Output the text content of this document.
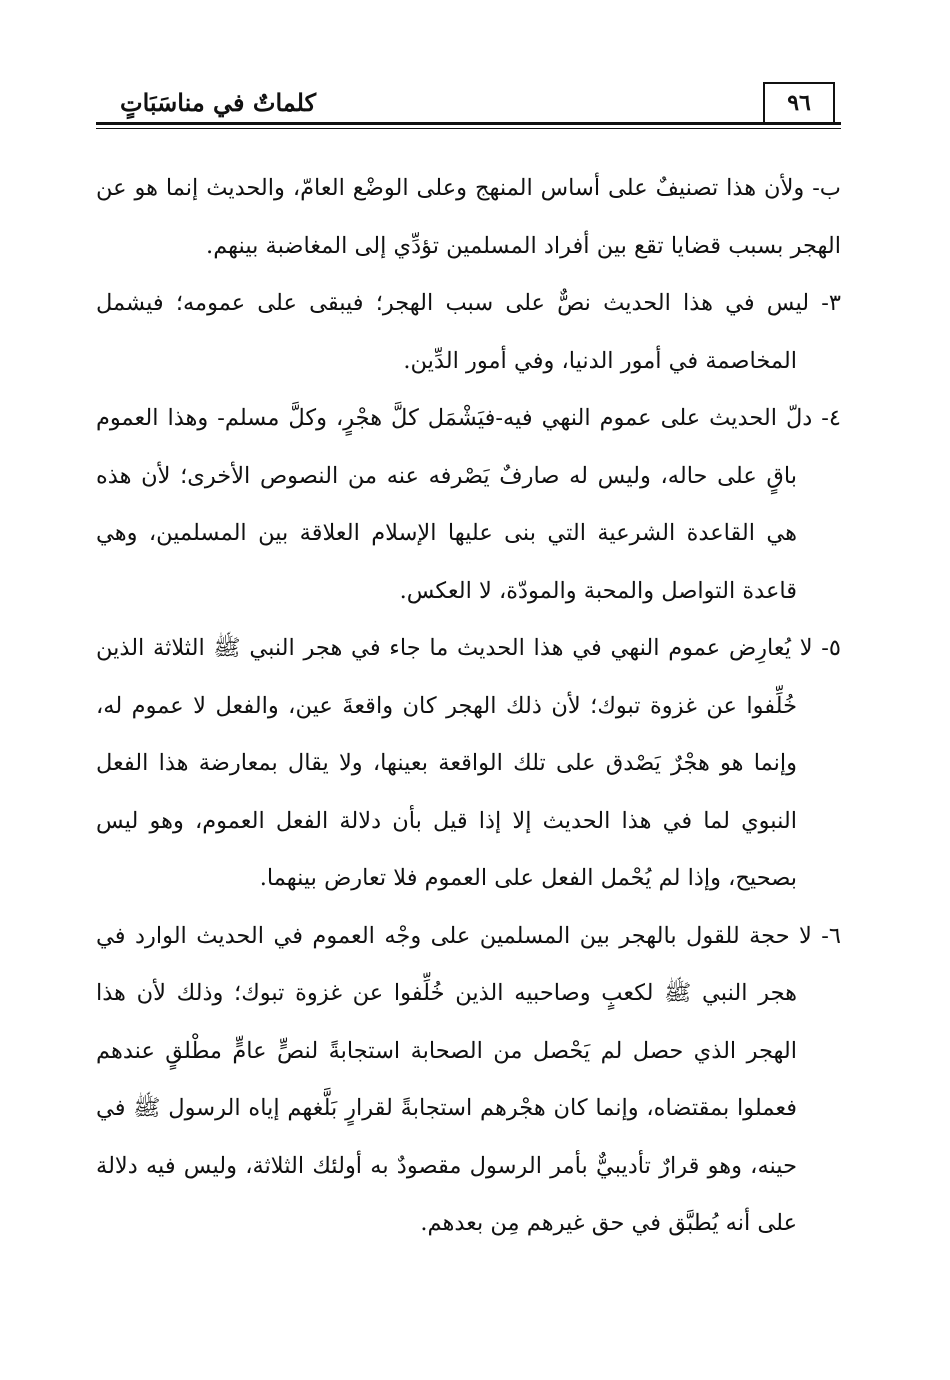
كلماتٌ في مناسَبَاتٍ	٩٦

ب- ولأن هذا تصنيفٌ على أساس المنهج وعلى الوضْع العامّ، والحديث إنما هو عن الهجر بسبب قضايا تقع بين أفراد المسلمين تؤدِّي إلى المغاضبة بينهم.

٣- ليس في هذا الحديث نصٌّ على سبب الهجر؛ فيبقى على عمومه؛ فيشمل المخاصمة في أمور الدنيا، وفي أمور الدِّين.

٤- دلّ الحديث على عموم النهي فيه-فيَشْمَل كلَّ هجْرٍ، وكلَّ مسلم- وهذا العموم باقٍ على حاله، وليس له صارفٌ يَصْرفه عنه من النصوص الأخرى؛ لأن هذه هي القاعدة الشرعية التي بنى عليها الإسلام العلاقة بين المسلمين، وهي قاعدة التواصل والمحبة والمودّة، لا العكس.

٥- لا يُعارِض عموم النهي في هذا الحديث ما جاء في هجر النبي ﷺ الثلاثة الذين خُلِّفوا عن غزوة تبوك؛ لأن ذلك الهجر كان واقعةَ عين، والفعل لا عموم له، وإنما هو هجْرٌ يَصْدق على تلك الواقعة بعينها، ولا يقال بمعارضة هذا الفعل النبوي لما في هذا الحديث إلا إذا قيل بأن دلالة الفعل العموم، وهو ليس بصحيح، وإذا لم يُحْمل الفعل على العموم فلا تعارض بينهما.

٦- لا حجة للقول بالهجر بين المسلمين على وجْه العموم في الحديث الوارد في هجر النبي ﷺ لكعبٍ وصاحبيه الذين خُلِّفوا عن غزوة تبوك؛ وذلك لأن هذا الهجر الذي حصل لم يَحْصل من الصحابة استجابةً لنصٍّ عامٍّ مطْلقٍ عندهم فعملوا بمقتضاه، وإنما كان هجْرهم استجابةً لقرارٍ بَلَّغهم إياه الرسول ﷺ في حينه، وهو قرارٌ تأديبيٌّ بأمر الرسول مقصودٌ به أولئك الثلاثة، وليس فيه دلالة على أنه يُطبَّق في حق غيرهم مِن بعدهم.
